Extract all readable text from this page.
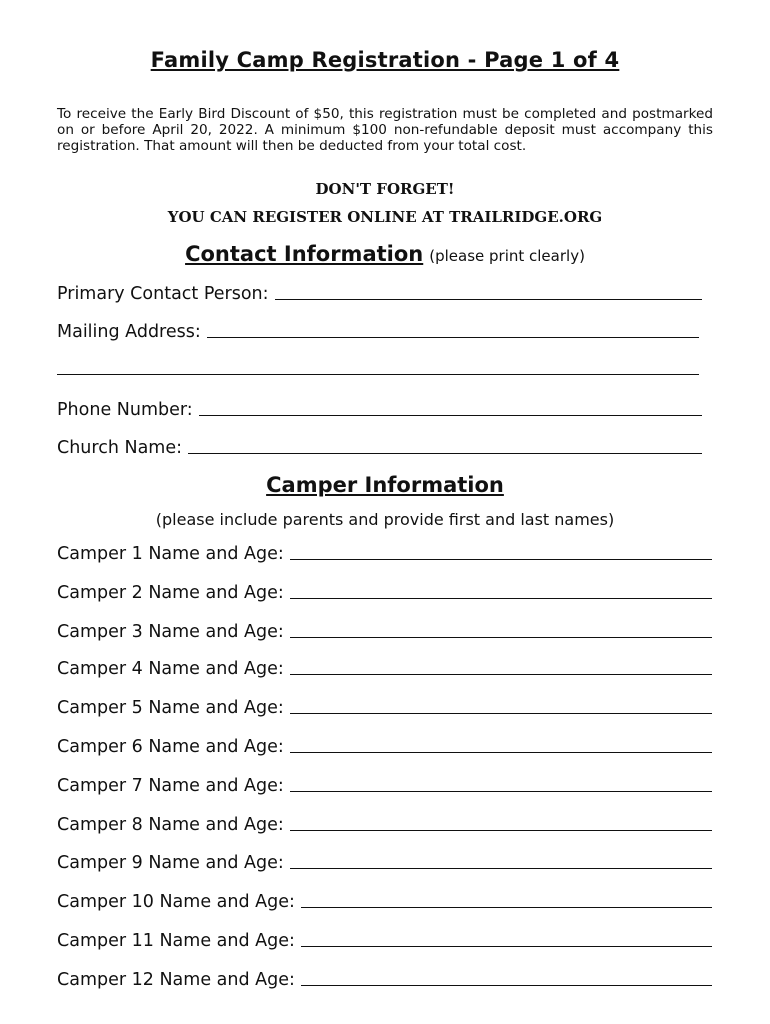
Family Camp Registration - Page 1 of 4
To receive the Early Bird Discount of $50, this registration must be completed and postmarked on or before April 20, 2022. A minimum $100 non-refundable deposit must accompany this registration. That amount will then be deducted from your total cost.
DON'T FORGET!
YOU CAN REGISTER ONLINE AT TRAILRIDGE.ORG
Contact Information (please print clearly)
Primary Contact Person:
Mailing Address:
Phone Number:
Church Name:
Camper Information
(please include parents and provide first and last names)
Camper 1 Name and Age:
Camper 2 Name and Age:
Camper 3 Name and Age:
Camper 4 Name and Age:
Camper 5 Name and Age:
Camper 6 Name and Age:
Camper 7 Name and Age:
Camper 8 Name and Age:
Camper 9 Name and Age:
Camper 10 Name and Age:
Camper 11 Name and Age:
Camper 12 Name and Age:
